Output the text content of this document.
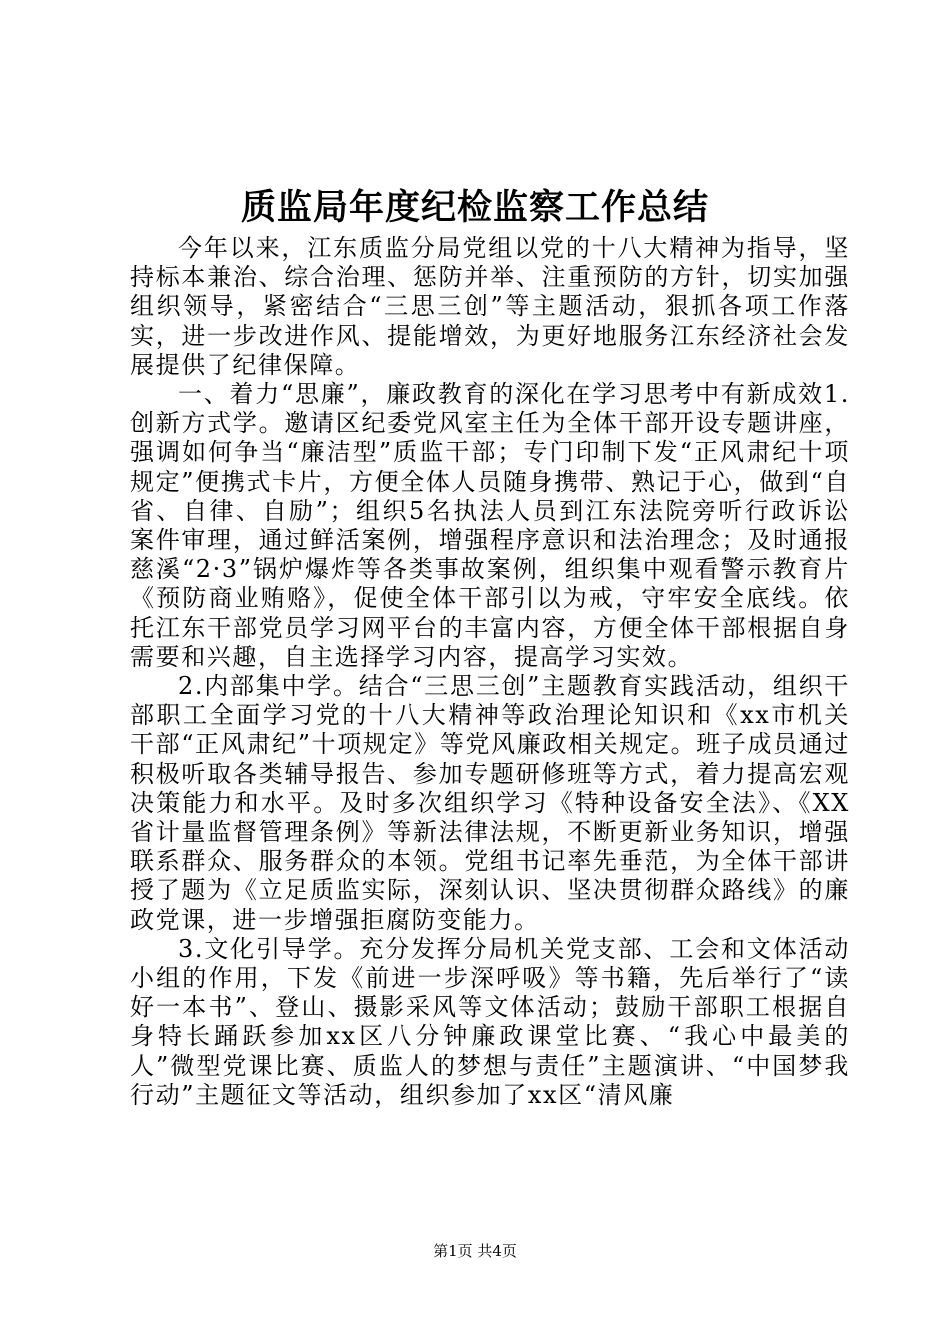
质监局年度纪检监察工作总结

今年以来，江东质监分局党组以党的十八大精神为指导，坚持标本兼治、综合治理、惩防并举、注重预防的方针，切实加强组织领导，紧密结合“三思三创”等主题活动，狠抓各项工作落实，进一步改进作风、提能增效，为更好地服务江东经济社会发展提供了纪律保障。

一、着力“思廉”，廉政教育的深化在学习思考中有新成效1.创新方式学。邀请区纪委党风室主任为全体干部开设专题讲座，强调如何争当“廉洁型”质监干部；专门印制下发“正风肃纪十项规定”便携式卡片，方便全体人员随身携带、熟记于心，做到“自省、自律、自励”；组织5名执法人员到江东法院旁听行政诉讼案件审理，通过鲜活案例，增强程序意识和法治理念；及时通报慈溪“2·3”锅炉爆炸等各类事故案例，组织集中观看警示教育片《预防商业贿赂》，促使全体干部引以为戒，守牢安全底线。依托江东干部党员学习网平台的丰富内容，方便全体干部根据自身需要和兴趣，自主选择学习内容，提高学习实效。

2.内部集中学。结合“三思三创”主题教育实践活动，组织干部职工全面学习党的十八大精神等政治理论知识和《xx市机关干部“正风肃纪”十项规定》等党风廉政相关规定。班子成员通过积极听取各类辅导报告、参加专题研修班等方式，着力提高宏观决策能力和水平。及时多次组织学习《特种设备安全法》、《XX省计量监督管理条例》等新法律法规，不断更新业务知识，增强联系群众、服务群众的本领。党组书记率先垂范，为全体干部讲授了题为《立足质监实际，深刻认识、坚决贯彻群众路线》的廉政党课，进一步增强拒腐防变能力。

3.文化引导学。充分发挥分局机关党支部、工会和文体活动小组的作用，下发《前进一步深呼吸》等书籍，先后举行了“读好一本书”、登山、摄影采风等文体活动；鼓励干部职工根据自身特长踊跃参加xx区八分钟廉政课堂比赛、“我心中最美的人”微型党课比赛、质监人的梦想与责任”主题演讲、“中国梦我行动”主题征文等活动，组织参加了xx区“清风廉

第1页 共4页
